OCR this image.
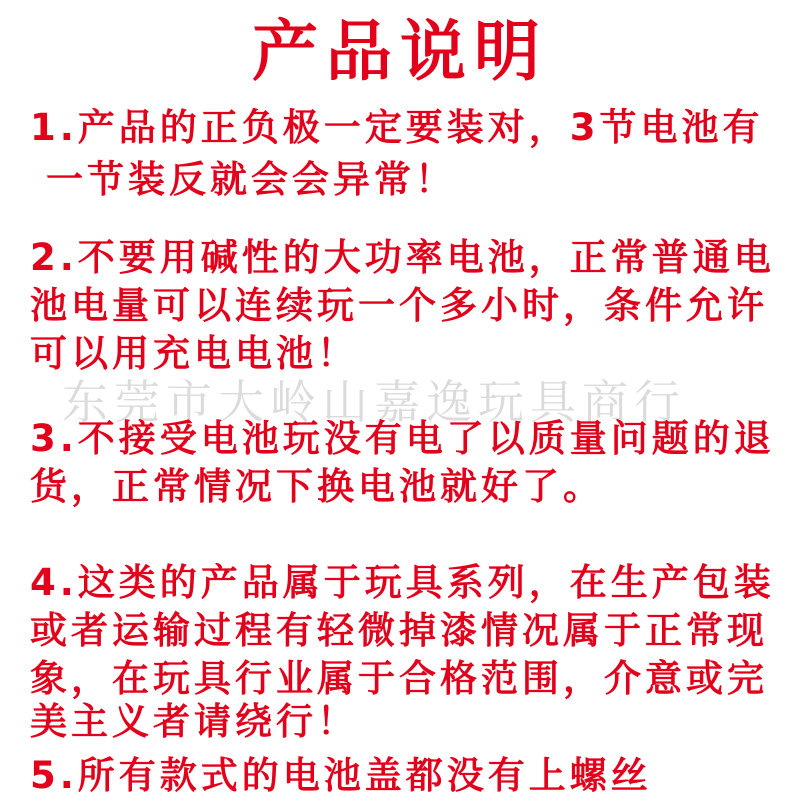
产品说明
东莞市大岭山嘉逸玩具商行
1.产品的正负极一定要装对，3节电池有
一节装反就会会异常！
2.不要用碱性的大功率电池，正常普通电
池电量可以连续玩一个多小时，条件允许
可以用充电电池！
3.不接受电池玩没有电了以质量问题的退
货，正常情况下换电池就好了。
4.这类的产品属于玩具系列，在生产包装
或者运输过程有轻微掉漆情况属于正常现
象，在玩具行业属于合格范围，介意或完
美主义者请绕行！
5.所有款式的电池盖都没有上螺丝
